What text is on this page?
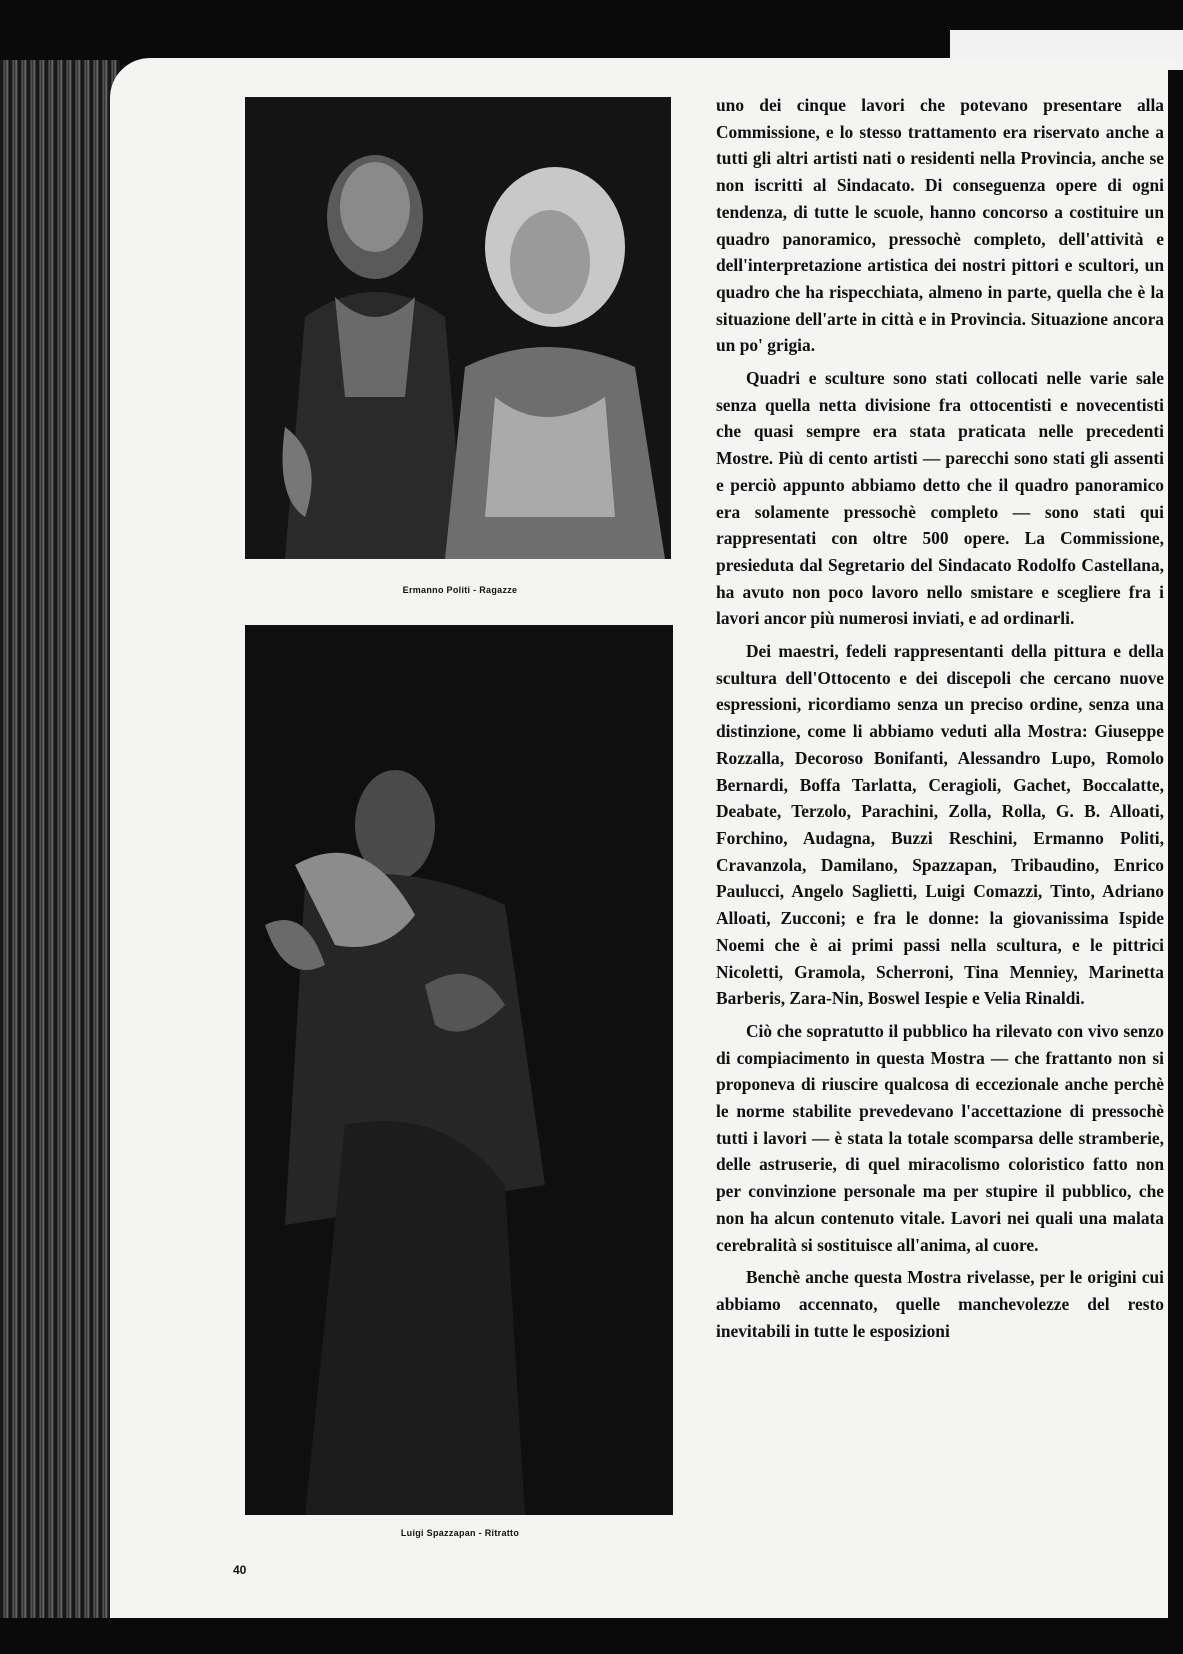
Ermanno Politi - Ragazze
Luigi Spazzapan - Ritratto
40

uno dei cinque lavori che potevano presentare alla Commissione, e lo stesso trattamento era riservato anche a tutti gli altri artisti nati o residenti nella Provincia, anche se non iscritti al Sindacato. Di conseguenza opere di ogni tendenza, di tutte le scuole, hanno concorso a costituire un quadro panoramico, pressochè completo, dell'attività e dell'interpretazione artistica dei nostri pittori e scultori, un quadro che ha rispecchiata, almeno in parte, quella che è la situazione dell'arte in città e in Provincia. Situazione ancora un po' grigia.

Quadri e sculture sono stati collocati nelle varie sale senza quella netta divisione fra ottocentisti e novecentisti che quasi sempre era stata praticata nelle precedenti Mostre. Più di cento artisti — parecchi sono stati gli assenti e perciò appunto abbiamo detto che il quadro panoramico era solamente pressochè completo — sono stati qui rappresentati con oltre 500 opere. La Commissione, presieduta dal Segretario del Sindacato Rodolfo Castellana, ha avuto non poco lavoro nello smistare e scegliere fra i lavori ancor più numerosi inviati, e ad ordinarli.

Dei maestri, fedeli rappresentanti della pittura e della scultura dell'Ottocento e dei discepoli che cercano nuove espressioni, ricordiamo senza un preciso ordine, senza una distinzione, come li abbiamo veduti alla Mostra: Giuseppe Rozzalla, Decoroso Bonifanti, Alessandro Lupo, Romolo Bernardi, Boffa Tarlatta, Ceragioli, Gachet, Boccalatte, Deabate, Terzolo, Parachini, Zolla, Rolla, G. B. Alloati, Forchino, Audagna, Buzzi Reschini, Ermanno Politi, Cravanzola, Damilano, Spazzapan, Tribaudino, Enrico Paulucci, Angelo Saglietti, Luigi Comazzi, Tinto, Adriano Alloati, Zucconi; e fra le donne: la giovanissima Ispide Noemi che è ai primi passi nella scultura, e le pittrici Nicoletti, Gramola, Scherroni, Tina Menniey, Marinetta Barberis, Zara-Nin, Boswel Iespie e Velia Rinaldi.

Ciò che sopratutto il pubblico ha rilevato con vivo senzo di compiacimento in questa Mostra — che frattanto non si proponeva di riuscire qualcosa di eccezionale anche perchè le norme stabilite prevedevano l'accettazione di pressochè tutti i lavori — è stata la totale scomparsa delle stramberie, delle astruserie, di quel miracolismo coloristico fatto non per convinzione personale ma per stupire il pubblico, che non ha alcun contenuto vitale. Lavori nei quali una malata cerebralità si sostituisce all'anima, al cuore.

Benchè anche questa Mostra rivelasse, per le origini cui abbiamo accennato, quelle manchevolezze del resto inevitabili in tutte le esposizioni
